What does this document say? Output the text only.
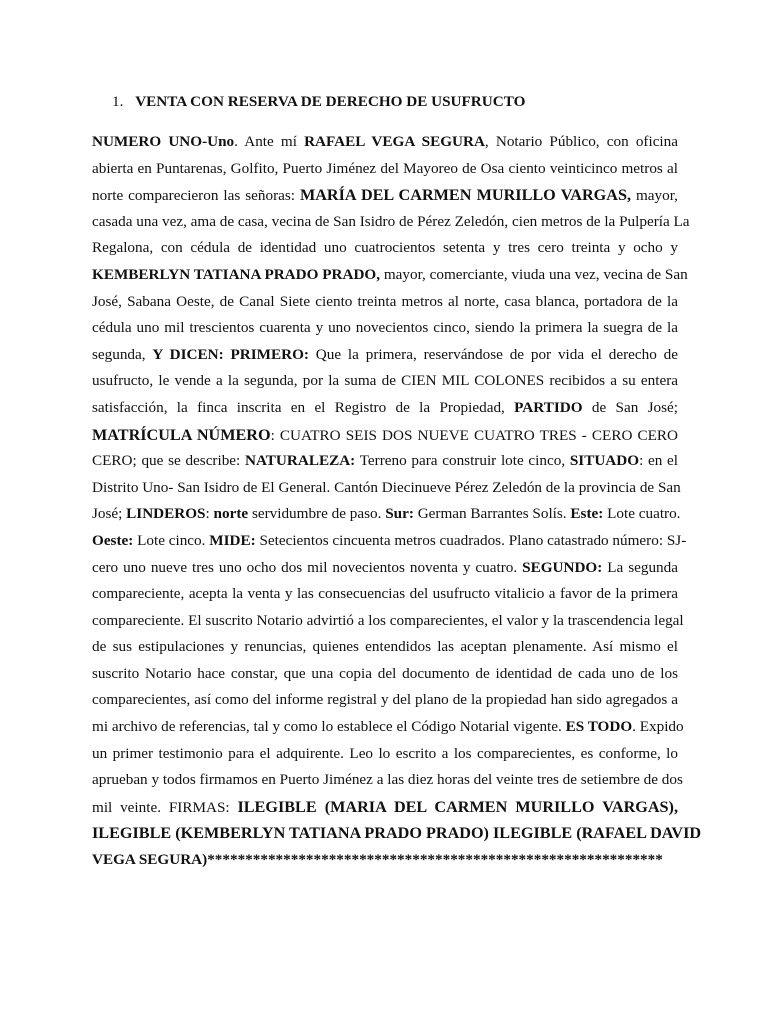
1. VENTA CON RESERVA DE DERECHO DE USUFRUCTO
NUMERO UNO-Uno. Ante mí RAFAEL VEGA SEGURA, Notario Público, con oficina
abierta en Puntarenas, Golfito, Puerto Jiménez del Mayoreo de Osa ciento veinticinco metros al
norte comparecieron las señoras: MARÍA DEL CARMEN MURILLO VARGAS, mayor,
casada una vez, ama de casa, vecina de San Isidro de Pérez Zeledón, cien metros de la Pulpería La
Regalona, con cédula de identidad uno cuatrocientos setenta y tres cero treinta y ocho y
KEMBERLYN TATIANA PRADO PRADO, mayor, comerciante, viuda una vez, vecina de San
José, Sabana Oeste, de Canal Siete ciento treinta metros al norte, casa blanca, portadora de la
cédula uno mil trescientos cuarenta y uno novecientos cinco, siendo la primera la suegra de la
segunda, Y DICEN: PRIMERO: Que la primera, reservándose de por vida el derecho de
usufructo, le vende a la segunda, por la suma de CIEN MIL COLONES recibidos a su entera
satisfacción, la finca inscrita en el Registro de la Propiedad, PARTIDO de San José;
MATRÍCULA NÚMERO: CUATRO SEIS DOS NUEVE CUATRO TRES - CERO CERO
CERO; que se describe: NATURALEZA: Terreno para construir lote cinco, SITUADO: en el
Distrito Uno- San Isidro de El General. Cantón Diecinueve Pérez Zeledón de la provincia de San
José; LINDEROS: norte servidumbre de paso. Sur: German Barrantes Solís. Este: Lote cuatro.
Oeste: Lote cinco. MIDE: Setecientos cincuenta metros cuadrados. Plano catastrado número: SJ-
cero uno nueve tres uno ocho dos mil novecientos noventa y cuatro. SEGUNDO: La segunda
compareciente, acepta la venta y las consecuencias del usufructo vitalicio a favor de la primera
compareciente. El suscrito Notario advirtió a los comparecientes, el valor y la trascendencia legal
de sus estipulaciones y renuncias, quienes entendidos las aceptan plenamente. Así mismo el
suscrito Notario hace constar, que una copia del documento de identidad de cada uno de los
comparecientes, así como del informe registral y del plano de la propiedad han sido agregados a
mi archivo de referencias, tal y como lo establece el Código Notarial vigente. ES TODO. Expido
un primer testimonio para el adquirente. Leo lo escrito a los comparecientes, es conforme, lo
aprueban y todos firmamos en Puerto Jiménez a las diez horas del veinte tres de setiembre de dos
mil veinte. FIRMAS: ILEGIBLE (MARIA DEL CARMEN MURILLO VARGAS),
ILEGIBLE (KEMBERLYN TATIANA PRADO PRADO) ILEGIBLE (RAFAEL DAVID
VEGA SEGURA)************************************************************
